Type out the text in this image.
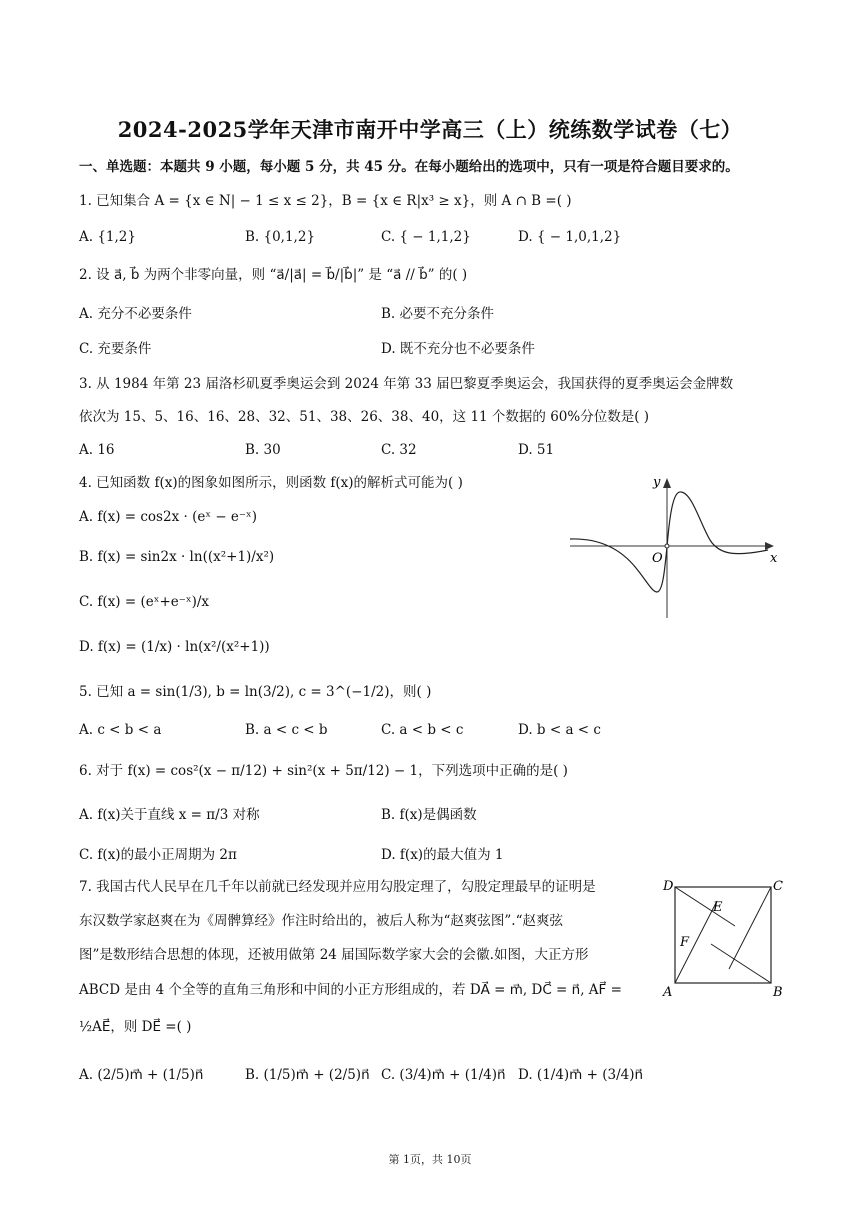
2024-2025学年天津市南开中学高三（上）统练数学试卷（七）
一、单选题：本题共 9 小题，每小题 5 分，共 45 分。在每小题给出的选项中，只有一项是符合题目要求的。
1. 已知集合 A = {x ∈ N| − 1 ≤ x ≤ 2}，B = {x ∈ R|x³ ≥ x}，则 A ∩ B =( )
A. {1,2}	B. {0,1,2}	C. { − 1,1,2}	D. { − 1,0,1,2}
2. 设 a⃗, b⃗ 为两个非零向量，则 “a⃗/|a⃗| = b⃗/|b⃗|” 是 “a⃗ // b⃗” 的( )
A. 充分不必要条件	B. 必要不充分条件
C. 充要条件	D. 既不充分也不必要条件
3. 从 1984 年第 23 届洛杉矶夏季奥运会到 2024 年第 33 届巴黎夏季奥运会，我国获得的夏季奥运会金牌数
依次为 15、5、16、16、28、32、51、38、26、38、40，这 11 个数据的 60%分位数是( )
A. 16	B. 30	C. 32	D. 51
4. 已知函数 f(x)的图象如图所示，则函数 f(x)的解析式可能为( )
A. f(x) = cos2x · (eˣ − e⁻ˣ)
B. f(x) = sin2x · ln((x²+1)/x²)
C. f(x) = (eˣ+e⁻ˣ)/x
D. f(x) = (1/x) · ln(x²/(x²+1))
y
x
O
5. 已知 a = sin(1/3), b = ln(3/2), c = 3^(−1/2)，则( )
A. c < b < a	B. a < c < b	C. a < b < c	D. b < a < c
6. 对于 f(x) = cos²(x − π/12) + sin²(x + 5π/12) − 1，下列选项中正确的是( )
A. f(x)关于直线 x = π/3 对称	B. f(x)是偶函数
C. f(x)的最小正周期为 2π	D. f(x)的最大值为 1
7. 我国古代人民早在几千年以前就已经发现并应用勾股定理了，勾股定理最早的证明是
东汉数学家赵爽在为《周髀算经》作注时给出的，被后人称为“赵爽弦图”.“赵爽弦
图”是数形结合思想的体现，还被用做第 24 届国际数学家大会的会徽.如图，大正方形
ABCD 是由 4 个全等的直角三角形和中间的小正方形组成的，若 DA⃗ = m⃗, DC⃗ = n⃗, AF⃗ =
½AE⃗，则 DE⃗ =( )
A. (2/5)m⃗ + (1/5)n⃗	B. (1/5)m⃗ + (2/5)n⃗ C. (3/4)m⃗ + (1/4)n⃗ D. (1/4)m⃗ + (3/4)n⃗
D	C
A	B
E
F
第 1页，共 10页
